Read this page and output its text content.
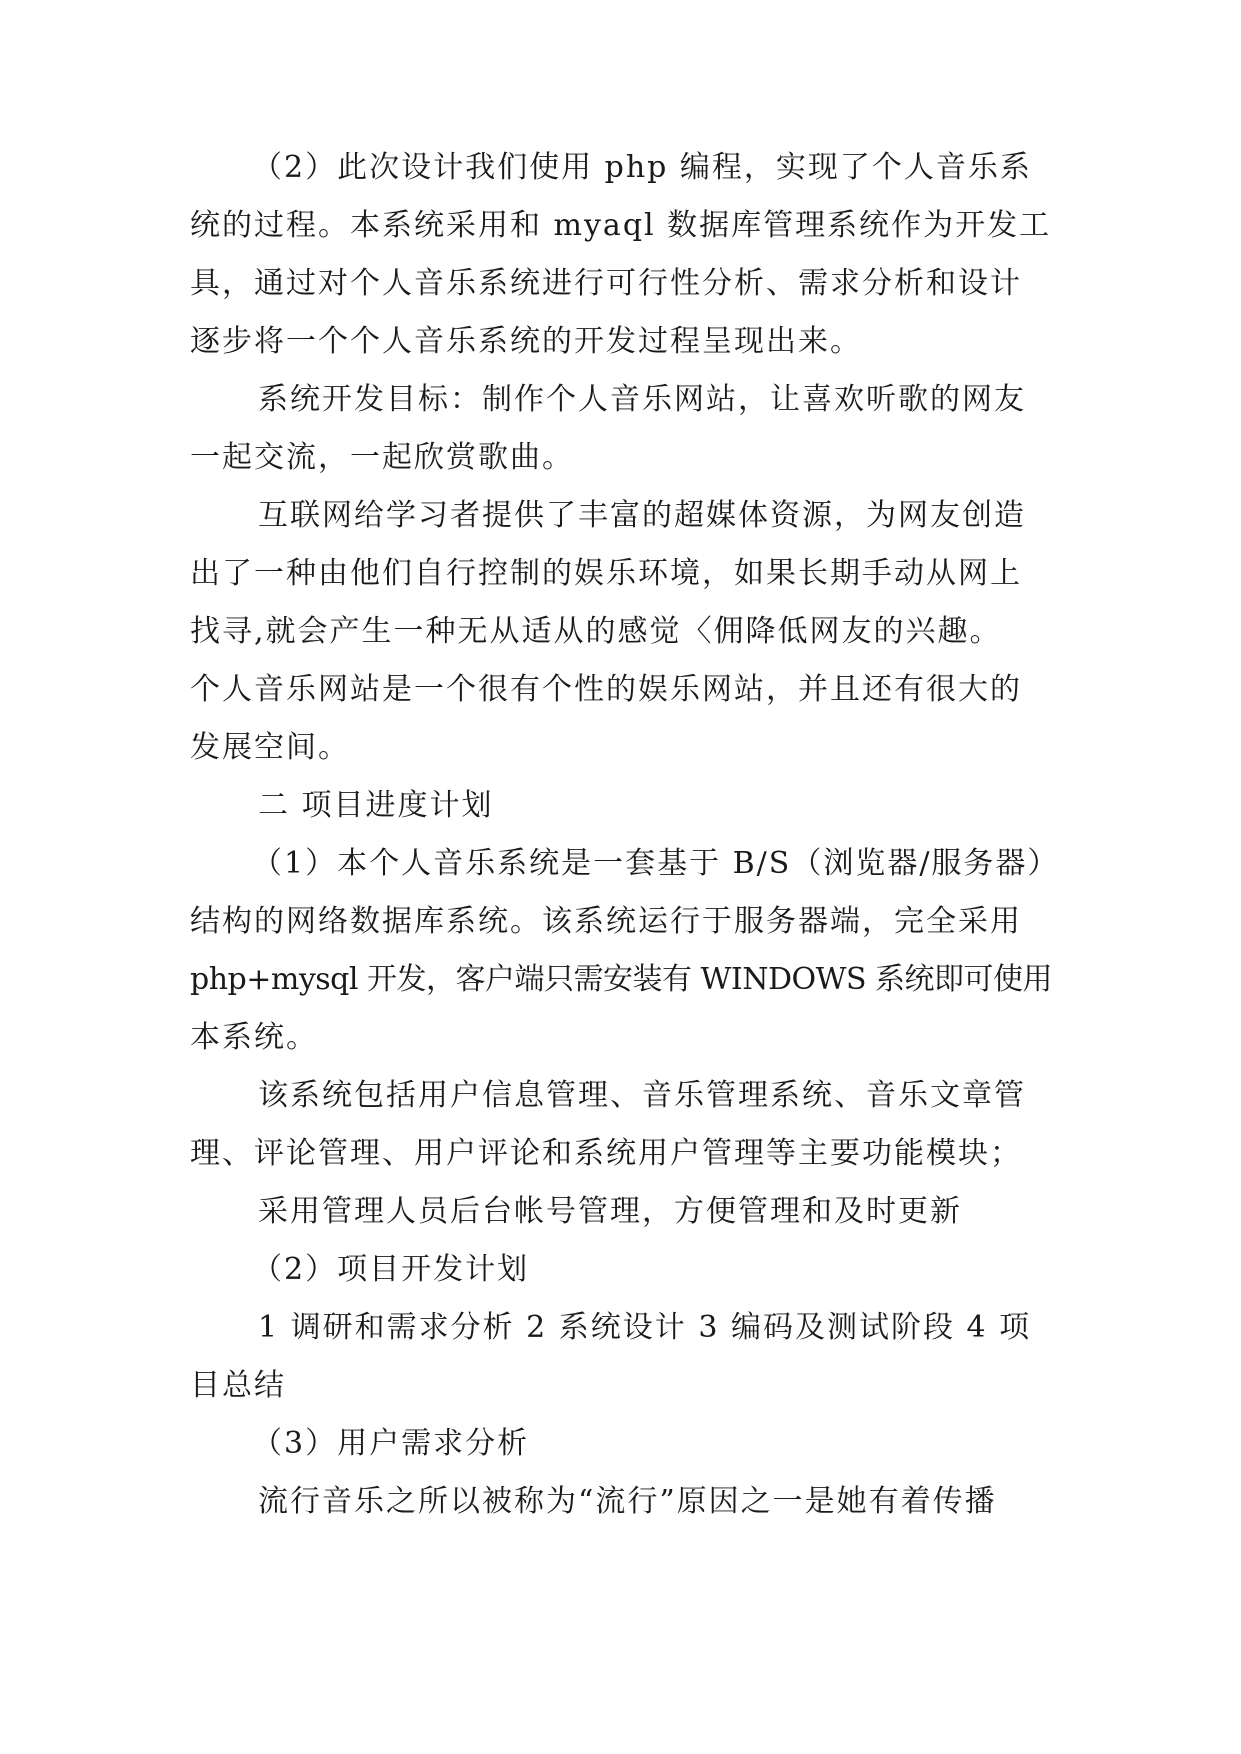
（2）此次设计我们使用 php 编程，实现了个人音乐系
统的过程。本系统采用和 myaql 数据库管理系统作为开发工
具，通过对个人音乐系统进行可行性分析、需求分析和设计
逐步将一个个人音乐系统的开发过程呈现出来。
系统开发目标：制作个人音乐网站，让喜欢听歌的网友
一起交流，一起欣赏歌曲。
互联网给学习者提供了丰富的超媒体资源，为网友创造
出了一种由他们自行控制的娱乐环境，如果长期手动从网上
找寻,就会产生一种无从适从的感觉〈佣降低网友的兴趣。
个人音乐网站是一个很有个性的娱乐网站，并且还有很大的
发展空间。
二 项目进度计划
（1）本个人音乐系统是一套基于 B/S（浏览器/服务器）
结构的网络数据库系统。该系统运行于服务器端，完全采用
php+mysql 开发，客户端只需安装有 WINDOWS 系统即可使用
本系统。
该系统包括用户信息管理、音乐管理系统、音乐文章管
理、评论管理、用户评论和系统用户管理等主要功能模块；
采用管理人员后台帐号管理，方便管理和及时更新
（2）项目开发计划
1 调研和需求分析 2 系统设计 3 编码及测试阶段 4 项
目总结
（3）用户需求分析
流行音乐之所以被称为“流行”原因之一是她有着传播
